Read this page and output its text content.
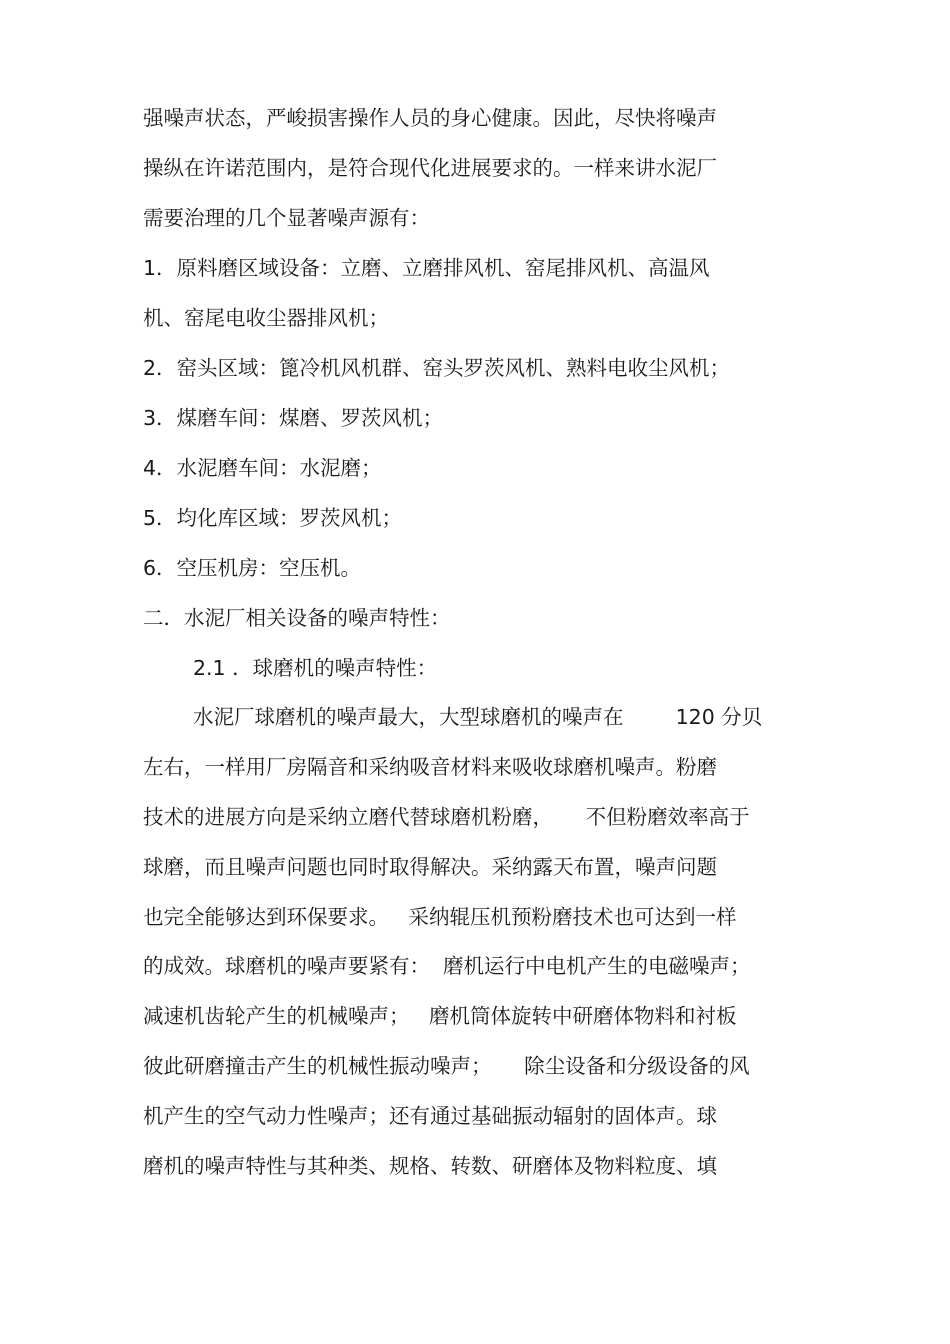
强噪声状态，严峻损害操作人员的身心健康。因此，尽快将噪声
操纵在许诺范围内，是符合现代化进展要求的。一样来讲水泥厂
需要治理的几个显著噪声源有：
1．原料磨区域设备：立磨、立磨排风机、窑尾排风机、高温风
机、窑尾电收尘器排风机；
2．窑头区域：篦冷机风机群、窑头罗茨风机、熟料电收尘风机；
3．煤磨车间：煤磨、罗茨风机；
4．水泥磨车间：水泥磨；
5．均化库区域：罗茨风机；
6．空压机房：空压机。
二．水泥厂相关设备的噪声特性：
2.1 ．球磨机的噪声特性：
水泥厂球磨机的噪声最大，大型球磨机的噪声在        120 分贝
左右，一样用厂房隔音和采纳吸音材料来吸收球磨机噪声。粉磨
技术的进展方向是采纳立磨代替球磨机粉磨，     不但粉磨效率高于
球磨，而且噪声问题也同时取得解决。采纳露天布置，噪声问题
也完全能够达到环保要求。   采纳辊压机预粉磨技术也可达到一样
的成效。球磨机的噪声要紧有：  磨机运行中电机产生的电磁噪声；
减速机齿轮产生的机械噪声；   磨机筒体旋转中研磨体物料和衬板
彼此研磨撞击产生的机械性振动噪声；     除尘设备和分级设备的风
机产生的空气动力性噪声；还有通过基础振动辐射的固体声。球
磨机的噪声特性与其种类、规格、转数、研磨体及物料粒度、填
